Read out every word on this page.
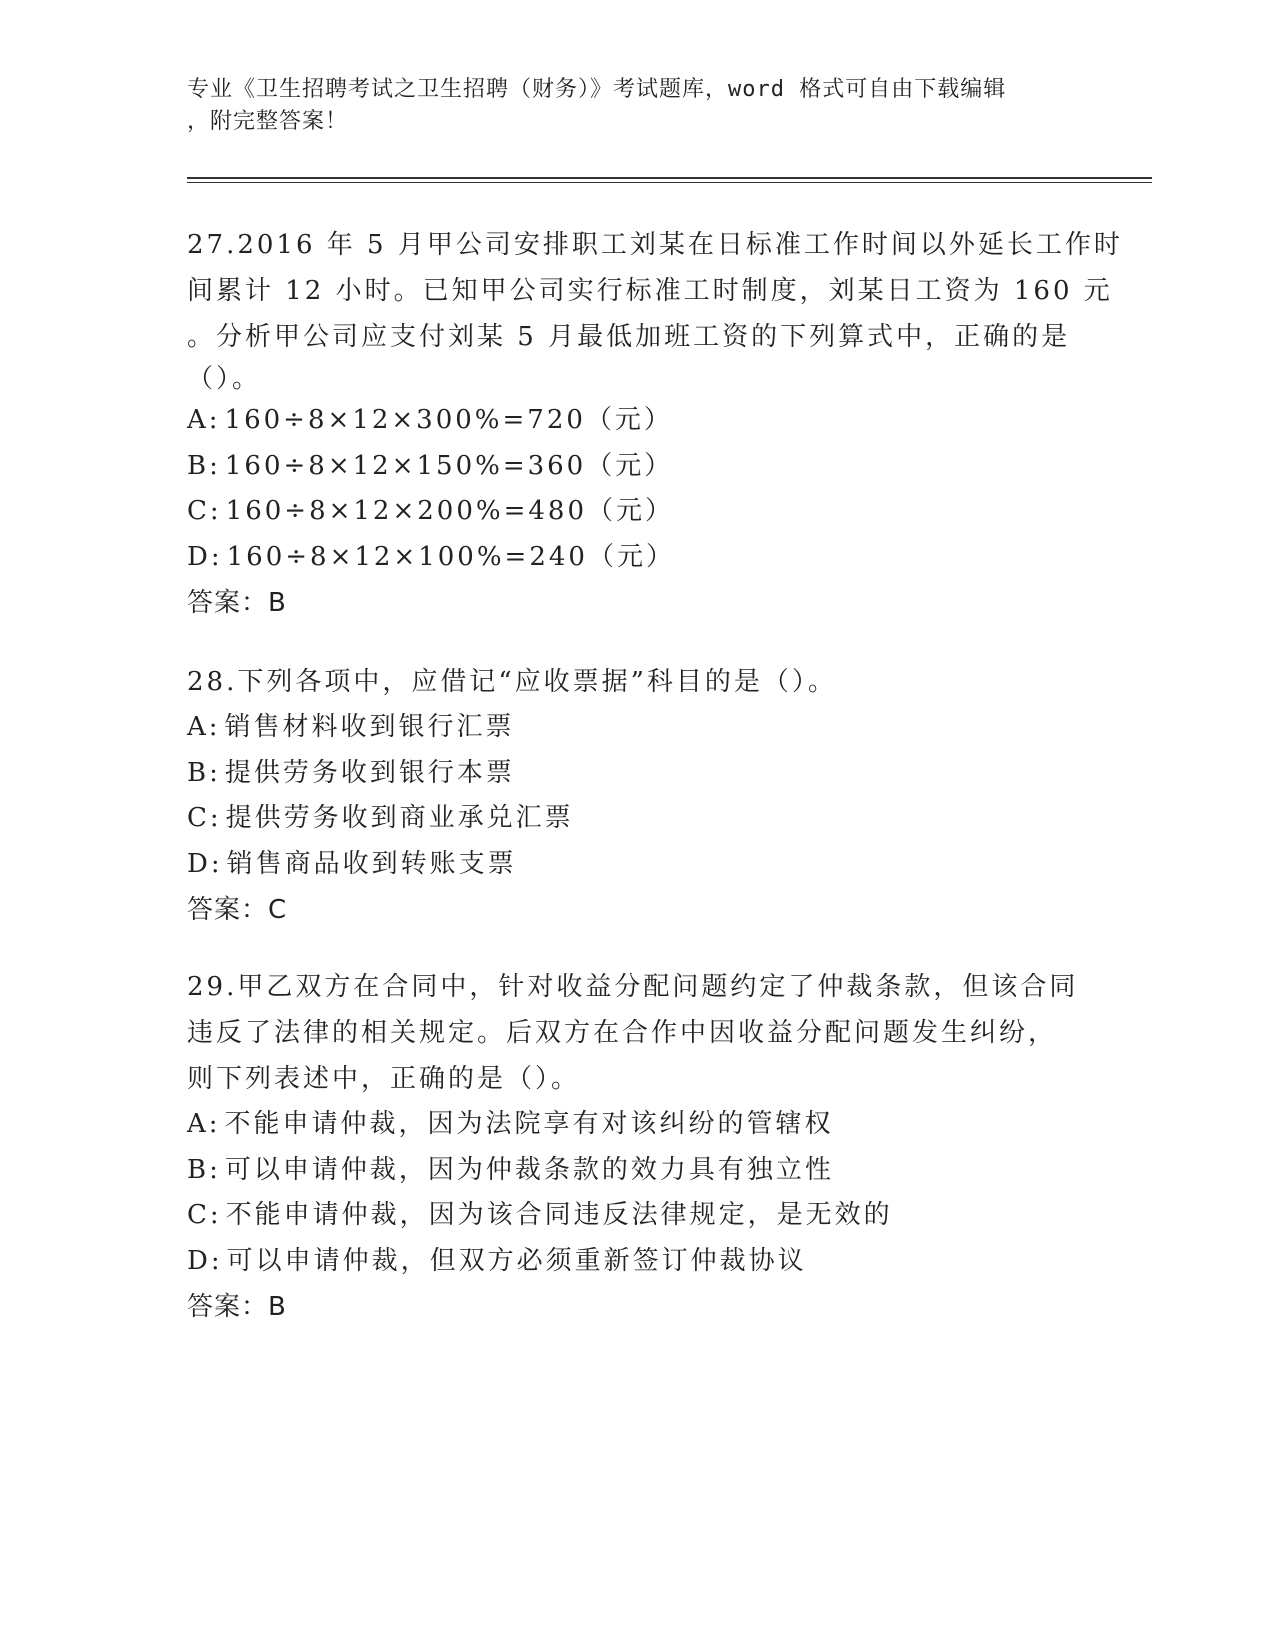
专业《卫生招聘考试之卫生招聘（财务）》考试题库，word 格式可自由下载编辑
，附完整答案！
27.2016 年 5 月甲公司安排职工刘某在日标准工作时间以外延长工作时
间累计 12 小时。已知甲公司实行标准工时制度，刘某日工资为 160 元
。分析甲公司应支付刘某 5 月最低加班工资的下列算式中，正确的是
（）。
A: 160÷8×12×300%=720（元）
B: 160÷8×12×150%=360（元）
C: 160÷8×12×200%=480（元）
D: 160÷8×12×100%=240（元）
答案：B
28.下列各项中，应借记“应收票据”科目的是（）。
A: 销售材料收到银行汇票
B: 提供劳务收到银行本票
C: 提供劳务收到商业承兑汇票
D: 销售商品收到转账支票
答案：C
29.甲乙双方在合同中，针对收益分配问题约定了仲裁条款，但该合同
违反了法律的相关规定。后双方在合作中因收益分配问题发生纠纷，
则下列表述中，正确的是（）。
A: 不能申请仲裁，因为法院享有对该纠纷的管辖权
B: 可以申请仲裁，因为仲裁条款的效力具有独立性
C: 不能申请仲裁，因为该合同违反法律规定，是无效的
D: 可以申请仲裁，但双方必须重新签订仲裁协议
答案：B
